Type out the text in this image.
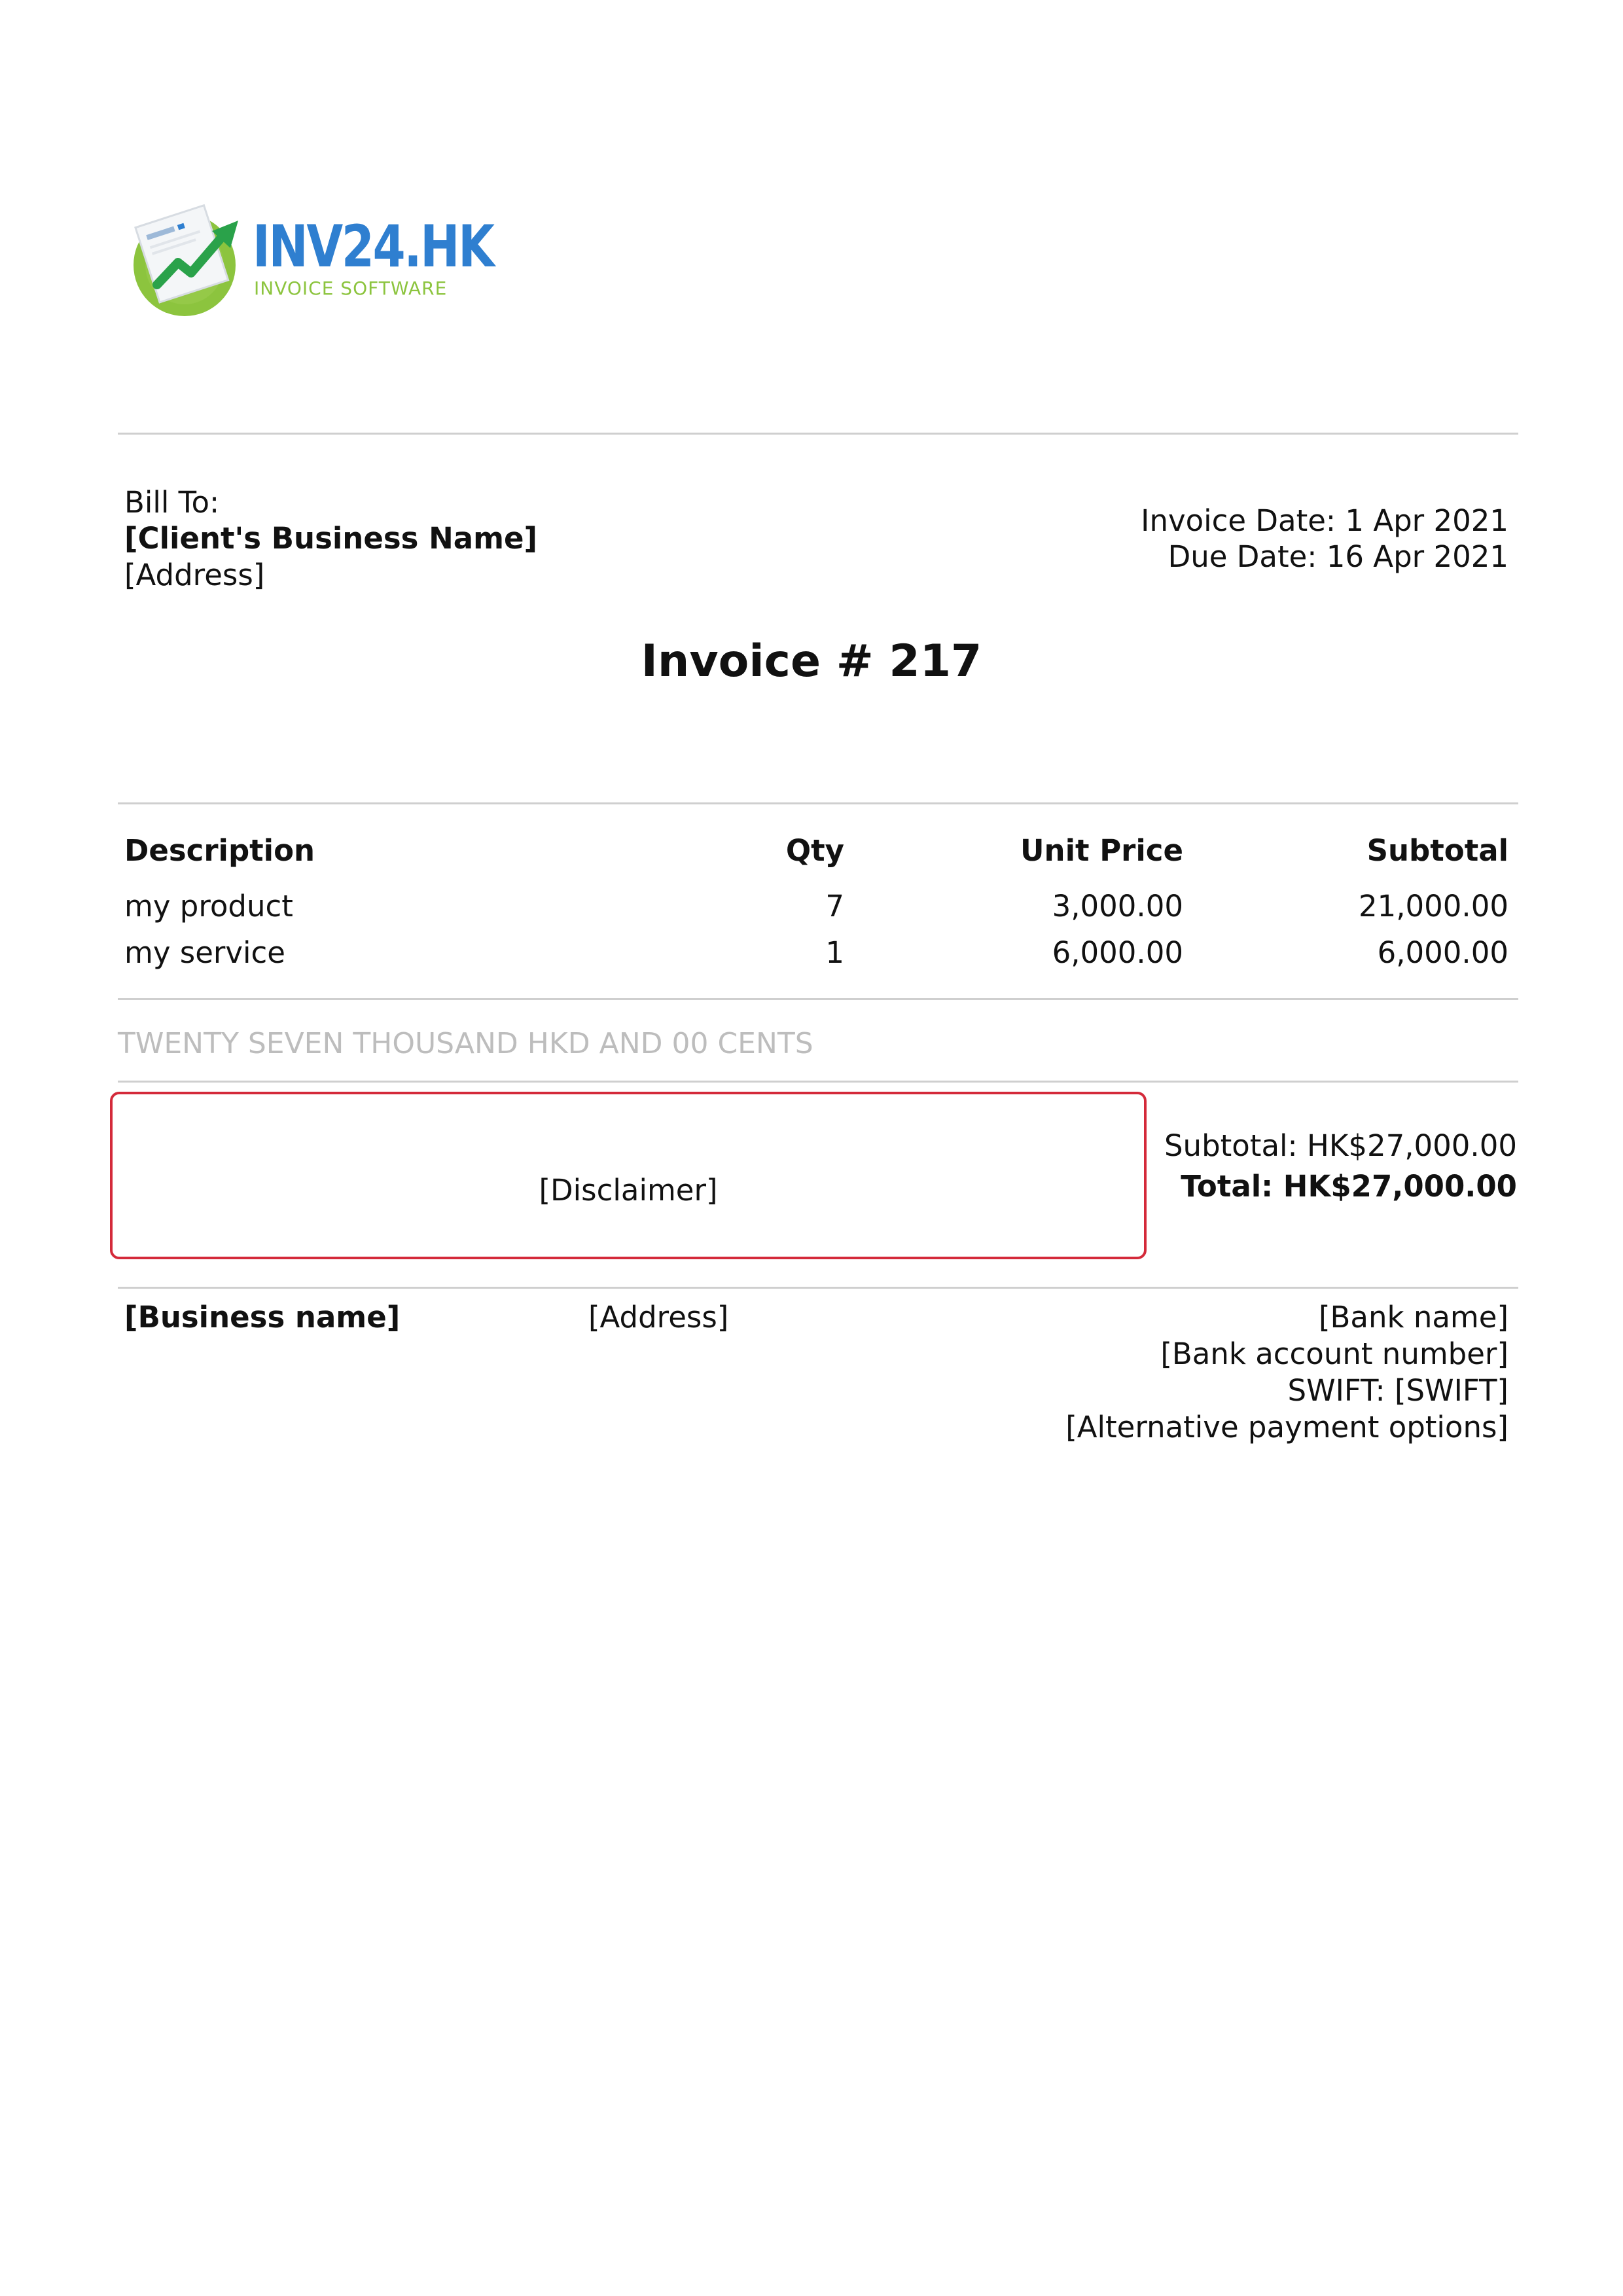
INV24.HK
INVOICE SOFTWARE
Bill To:
[Client's Business Name]
[Address]
Invoice Date: 1 Apr 2021
Due Date: 16 Apr 2021
Invoice # 217
Description	Qty	Unit Price	Subtotal
my product	7	3,000.00	21,000.00
my service	1	6,000.00	6,000.00
TWENTY SEVEN THOUSAND HKD AND 00 CENTS
[Disclaimer]
Subtotal: HK$27,000.00
Total: HK$27,000.00
[Business name]	[Address]	[Bank name]
[Bank account number]
SWIFT: [SWIFT]
[Alternative payment options]
